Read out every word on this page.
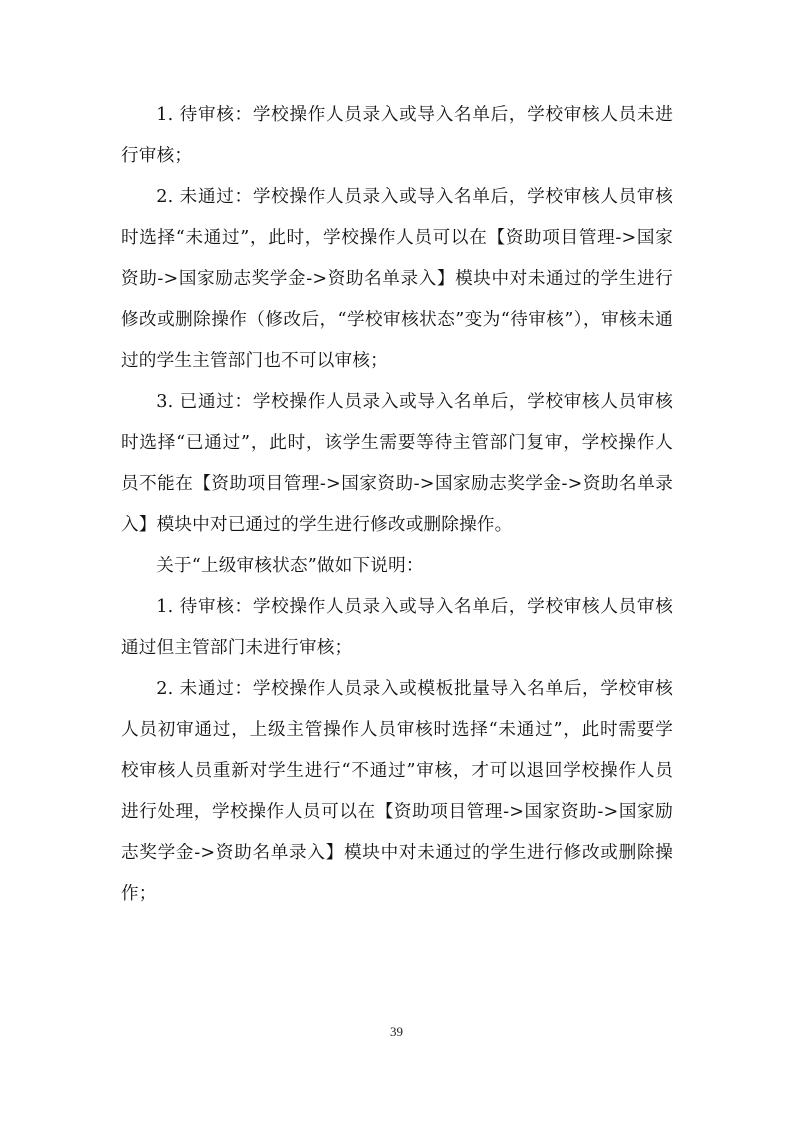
1. 待审核：学校操作人员录入或导入名单后，学校审核人员未进行审核；

2. 未通过：学校操作人员录入或导入名单后，学校审核人员审核时选择“未通过”，此时，学校操作人员可以在【资助项目管理->国家资助->国家励志奖学金->资助名单录入】模块中对未通过的学生进行修改或删除操作（修改后，“学校审核状态”变为“待审核”），审核未通过的学生主管部门也不可以审核；

3. 已通过：学校操作人员录入或导入名单后，学校审核人员审核时选择“已通过”，此时，该学生需要等待主管部门复审，学校操作人员不能在【资助项目管理->国家资助->国家励志奖学金->资助名单录入】模块中对已通过的学生进行修改或删除操作。

关于“上级审核状态”做如下说明：

1. 待审核：学校操作人员录入或导入名单后，学校审核人员审核通过但主管部门未进行审核；

2. 未通过：学校操作人员录入或模板批量导入名单后，学校审核人员初审通过，上级主管操作人员审核时选择“未通过”，此时需要学校审核人员重新对学生进行“不通过”审核，才可以退回学校操作人员进行处理，学校操作人员可以在【资助项目管理->国家资助->国家励志奖学金->资助名单录入】模块中对未通过的学生进行修改或删除操作；

39
